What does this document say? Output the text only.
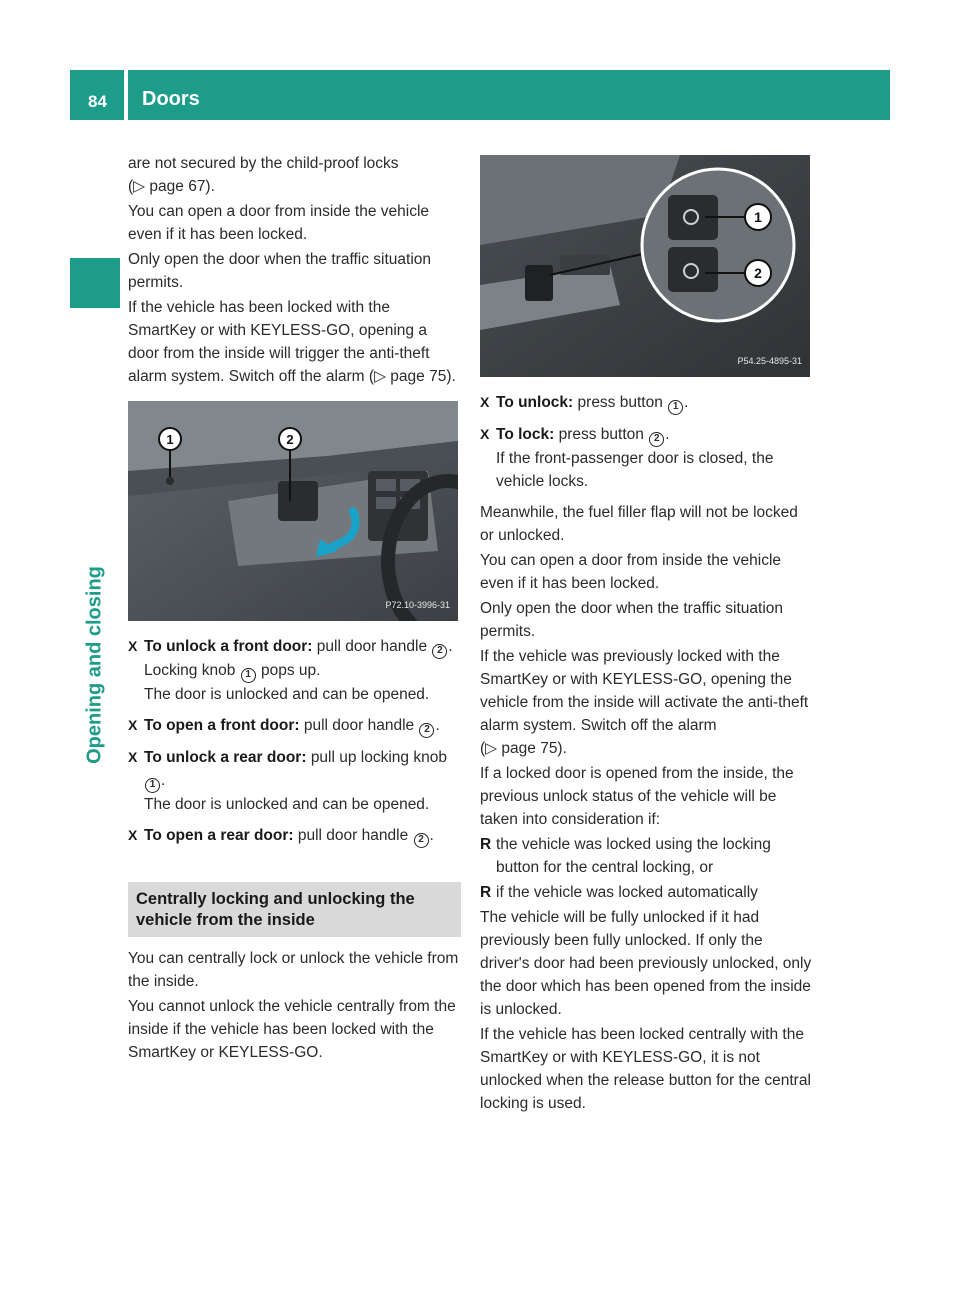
84 Doors
Opening and closing

are not secured by the child-proof locks
(▷ page 67).

You can open a door from inside the vehicle even if it has been locked.

Only open the door when the traffic situation permits.

If the vehicle has been locked with the SmartKey or with KEYLESS-GO, opening a door from the inside will trigger the anti-theft alarm system. Switch off the alarm (▷ page 75).

1	2
P72.10-3996-31
X To unlock a front door: pull door handle 2 .
Locking knob 1 pops up.
The door is unlocked and can be opened.
X To open a front door: pull door handle 2 .
X To unlock a rear door: pull up locking knob 1 .
The door is unlocked and can be opened.
X To open a rear door: pull door handle 2 .
Centrally locking and unlocking the vehicle from the inside

You can centrally lock or unlock the vehicle from the inside.

You cannot unlock the vehicle centrally from the inside if the vehicle has been locked with the SmartKey or KEYLESS-GO.

1
2
P54.25-4895-31
X To unlock: press button 1 .
X To lock: press button 2 .
If the front-passenger door is closed, the vehicle locks.

Meanwhile, the fuel filler flap will not be locked or unlocked.

You can open a door from inside the vehicle even if it has been locked.

Only open the door when the traffic situation permits.

If the vehicle was previously locked with the SmartKey or with KEYLESS-GO, opening the vehicle from the inside will activate the anti-theft alarm system. Switch off the alarm
(▷ page 75).

If a locked door is opened from the inside, the previous unlock status of the vehicle will be taken into consideration if:

R the vehicle was locked using the locking button for the central locking, or
R if the vehicle was locked automatically

The vehicle will be fully unlocked if it had previously been fully unlocked. If only the driver's door had been previously unlocked, only the door which has been opened from the inside is unlocked.

If the vehicle has been locked centrally with the SmartKey or with KEYLESS-GO, it is not unlocked when the release button for the central locking is used.
